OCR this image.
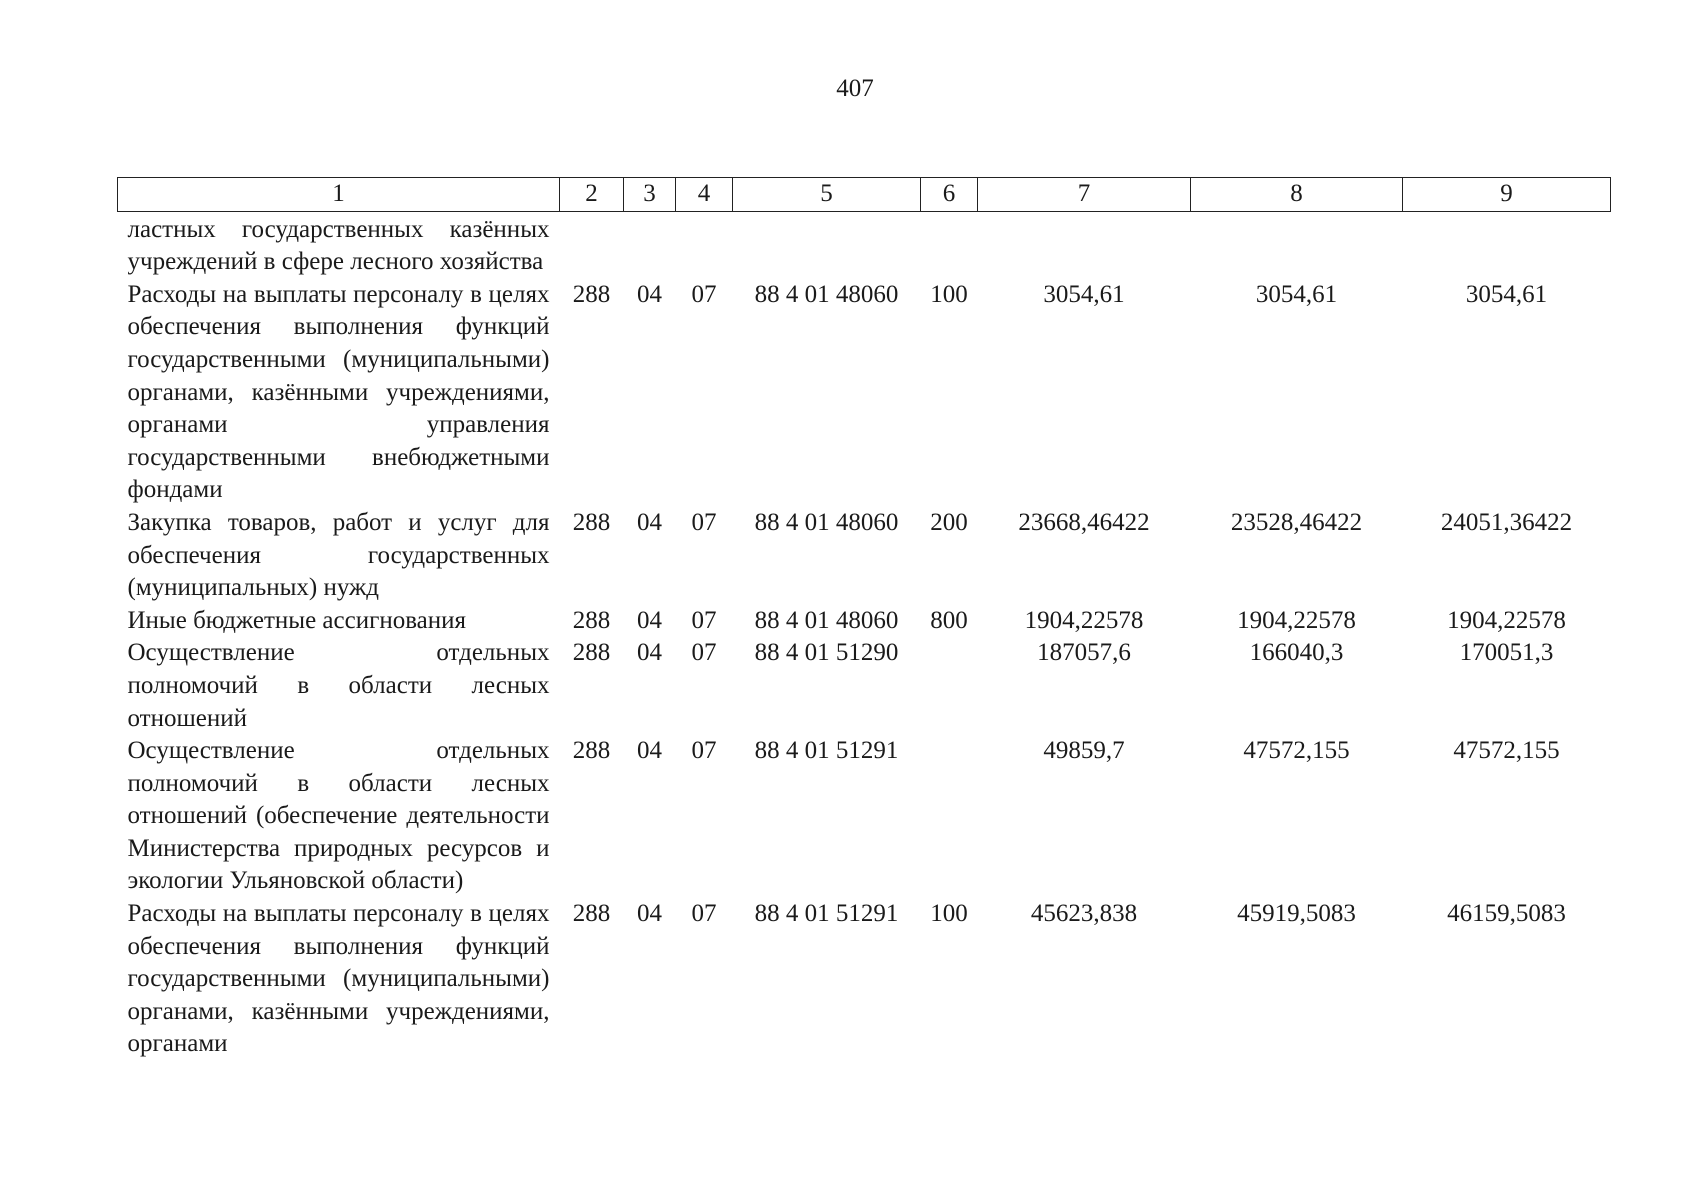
407
1	2	3	4	5	6	7	8	9
ластных государственных казённых учреждений в сфере лесного хозяйства								
Расходы на выплаты персоналу в целях обеспечения выполнения функций государственными (муниципальными) органами, казёнными учреждениями, органами управления государственными внебюджетными фондами	288	04	07	88 4 01 48060	100	3054,61	3054,61	3054,61
Закупка товаров, работ и услуг для обеспечения государственных (муниципальных) нужд	288	04	07	88 4 01 48060	200	23668,46422	23528,46422	24051,36422
Иные бюджетные ассигнования	288	04	07	88 4 01 48060	800	1904,22578	1904,22578	1904,22578
Осуществление отдельных полномочий в области лесных отношений	288	04	07	88 4 01 51290		187057,6	166040,3	170051,3
Осуществление отдельных полномочий в области лесных отношений (обеспечение деятельности Министерства природных ресурсов и экологии Ульяновской области)	288	04	07	88 4 01 51291		49859,7	47572,155	47572,155
Расходы на выплаты персоналу в целях обеспечения выполнения функций государственными (муниципальными) органами, казёнными учреждениями, органами	288	04	07	88 4 01 51291	100	45623,838	45919,5083	46159,5083
